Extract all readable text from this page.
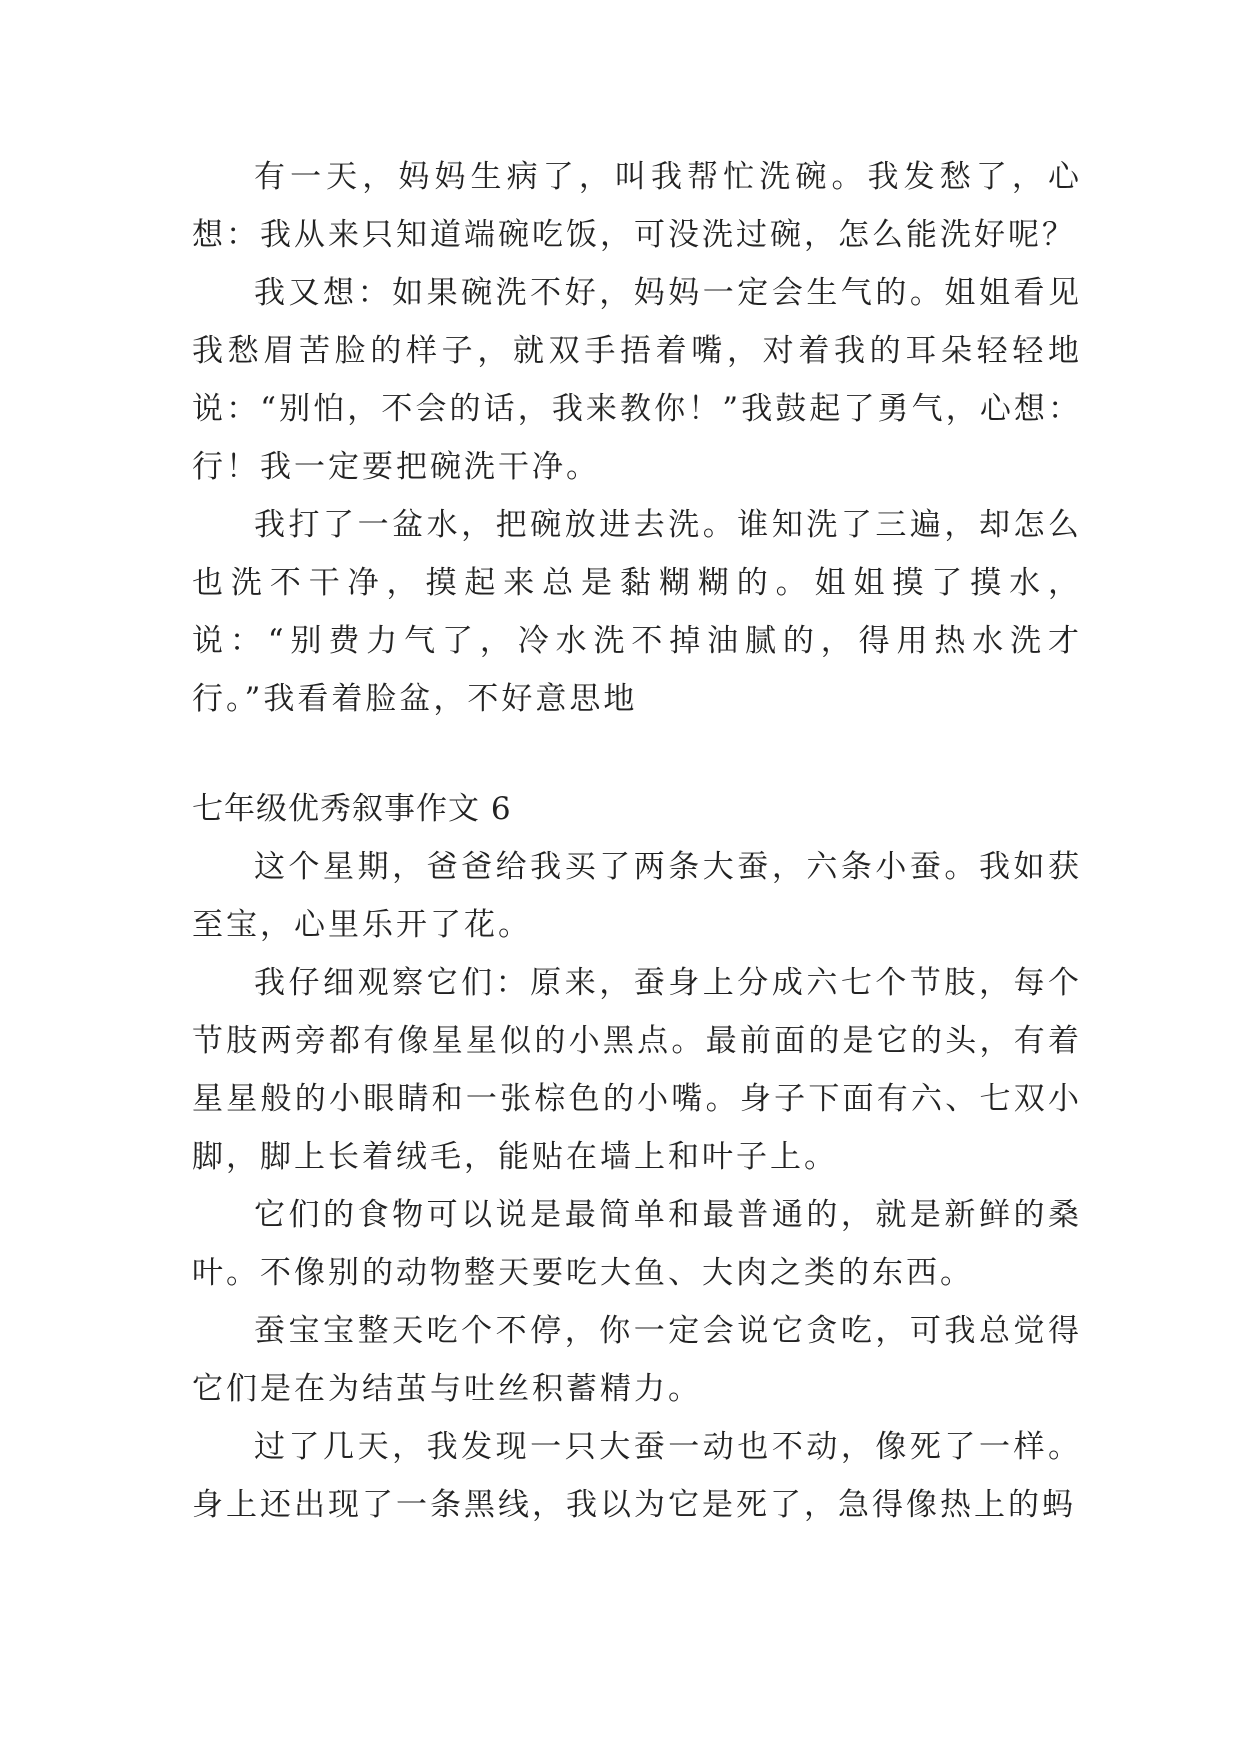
有一天，妈妈生病了，叫我帮忙洗碗。我发愁了，心想：我从来只知道端碗吃饭，可没洗过碗，怎么能洗好呢？

我又想：如果碗洗不好，妈妈一定会生气的。姐姐看见我愁眉苦脸的样子，就双手捂着嘴，对着我的耳朵轻轻地说：“别怕，不会的话，我来教你！”我鼓起了勇气，心想：行！我一定要把碗洗干净。

我打了一盆水，把碗放进去洗。谁知洗了三遍，却怎么也洗不干净，摸起来总是黏糊糊的。姐姐摸了摸水，说：“别费力气了，冷水洗不掉油腻的，得用热水洗才行。”我看着脸盆，不好意思地

七年级优秀叙事作文 6

这个星期，爸爸给我买了两条大蚕，六条小蚕。我如获至宝，心里乐开了花。

我仔细观察它们：原来，蚕身上分成六七个节肢，每个节肢两旁都有像星星似的小黑点。最前面的是它的头，有着星星般的小眼睛和一张棕色的小嘴。身子下面有六、七双小脚，脚上长着绒毛，能贴在墙上和叶子上。

它们的食物可以说是最简单和最普通的，就是新鲜的桑叶。不像别的动物整天要吃大鱼、大肉之类的东西。

蚕宝宝整天吃个不停，你一定会说它贪吃，可我总觉得它们是在为结茧与吐丝积蓄精力。

过了几天，我发现一只大蚕一动也不动，像死了一样。身上还出现了一条黑线，我以为它是死了，急得像热上的蚂
